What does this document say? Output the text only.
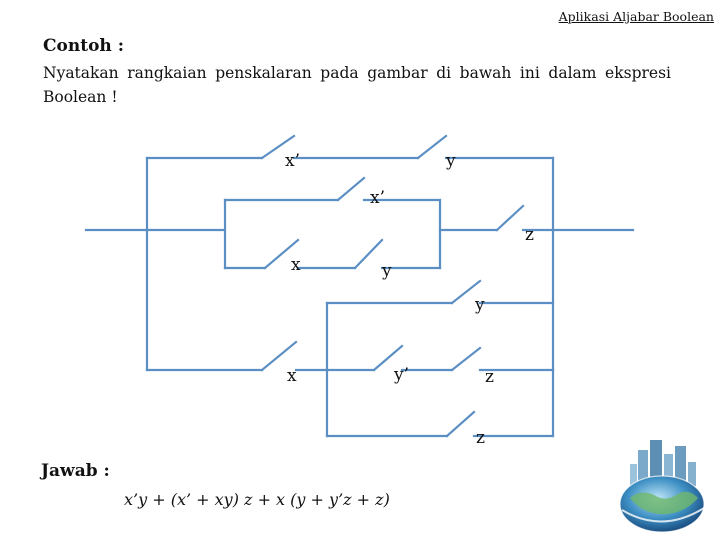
Aplikasi Aljabar Boolean
Contoh :
Nyatakan rangkaian penskalaran pada gambar di bawah ini dalam ekspresi Boolean !
x’	y
x’
z
x	y
y
x	y’	z
z
Jawab :
x’y + (x’ + xy) z + x (y + y’z + z)
